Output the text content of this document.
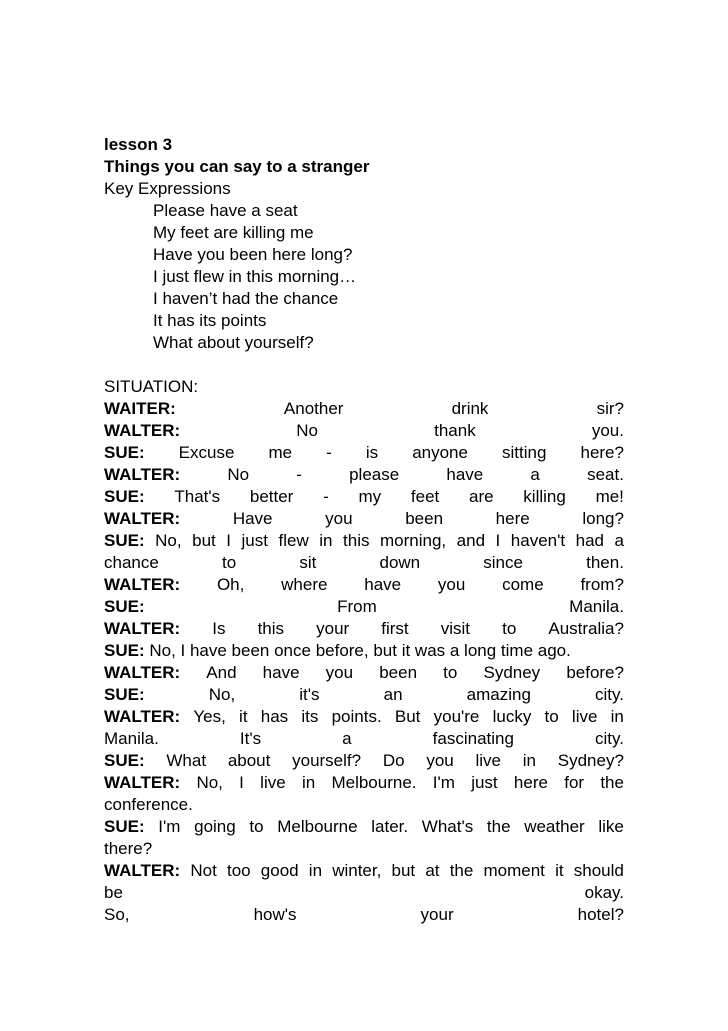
lesson 3
Things you can say to a stranger
Key Expressions
Please have a seat
My feet are killing me
Have you been here long?
I just flew in this morning…
I haven’t had the chance
It has its points
What about yourself?
SITUATION:
WAITER:	Another	drink	sir?
WALTER:	No	thank	you.
SUE: Excuse me - is anyone sitting here?
WALTER:	No	-	please	have	a	seat.
SUE: That's better - my feet are killing me!
WALTER:	Have	you	been	here	long?
SUE: No, but I just flew in this morning, and I haven't had a
chance	to	sit	down	since	then.
WALTER: Oh, where have you come from?
SUE:	From	Manila.
WALTER: Is this your first visit to Australia?
SUE: No, I have been once before, but it was a long time ago.
WALTER: And have you been to Sydney before?
SUE:	No,	it's	an	amazing	city.
WALTER: Yes, it has its points. But you're lucky to live in
Manila.	It's	a	fascinating	city.
SUE: What about yourself? Do you live in Sydney?
WALTER: No, I live in Melbourne. I'm just here for the
conference.
SUE: I'm going to Melbourne later. What's the weather like
there?
WALTER: Not too good in winter, but at the moment it should
be	okay.
So,	how's	your	hotel?
